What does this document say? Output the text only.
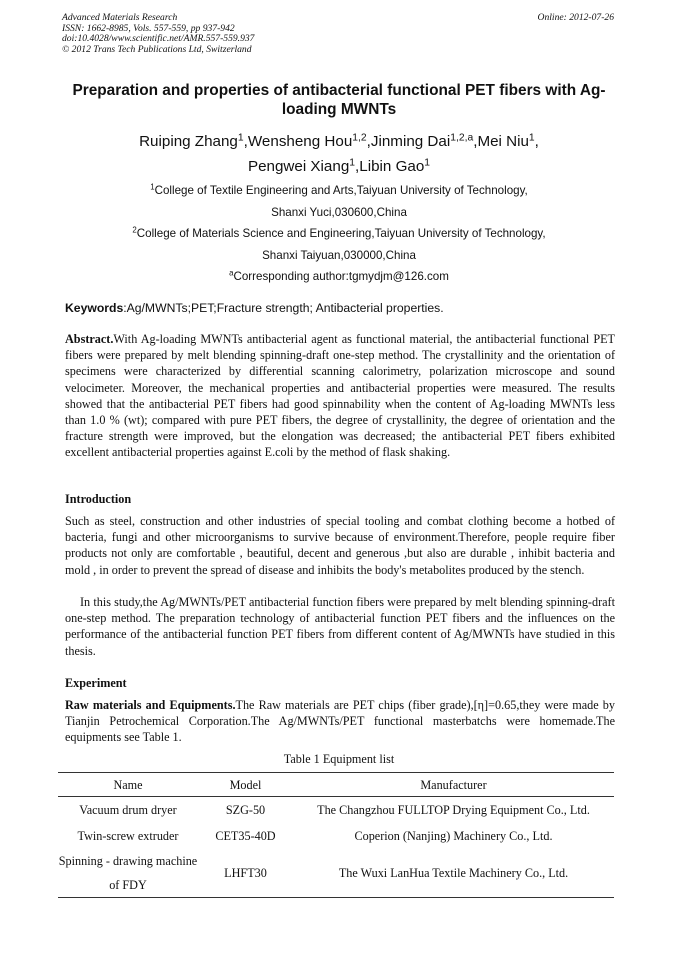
Advanced Materials Research
ISSN: 1662-8985, Vols. 557-559, pp 937-942
doi:10.4028/www.scientific.net/AMR.557-559.937
© 2012 Trans Tech Publications Ltd, Switzerland
Online: 2012-07-26
Preparation and properties of antibacterial functional PET fibers with Ag-loading MWNTs
Ruiping Zhang$^1$,Wensheng Hou$^{1,2}$,Jinming Dai$^{1,2,a}$,Mei Niu$^1$,
Pengwei Xiang$^1$,Libin Gao$^1$
$^1$College of Textile Engineering and Arts,Taiyuan University of Technology,
Shanxi Yuci,030600,China
$^2$College of Materials Science and Engineering,Taiyuan University of Technology,
Shanxi Taiyuan,030000,China
$^a$Corresponding author:tgmydjm@126.com
Keywords:Ag/MWNTs;PET;Fracture strength; Antibacterial properties.

Abstract.With Ag-loading MWNTs antibacterial agent as functional material, the antibacterial functional PET fibers were prepared by melt blending spinning-draft one-step method. The crystallinity and the orientation of specimens were characterized by differential scanning calorimetry, polarization microscope and sound velocimeter. Moreover, the mechanical properties and antibacterial properties were measured. The results showed that the antibacterial PET fibers had good spinnability when the content of Ag-loading MWNTs less than 1.0 % (wt); compared with pure PET fibers, the degree of crystallinity, the degree of orientation and the fracture strength were improved, but the elongation was decreased; the antibacterial PET fibers exhibited excellent antibacterial properties against E.coli by the method of flask shaking.

Introduction

Such as steel, construction and other industries of special tooling and combat clothing become a hotbed of bacteria, fungi and other microorganisms to survive because of environment.Therefore, people require fiber products not only are comfortable , beautiful, decent and generous ,but also are durable , inhibit bacteria and mold , in order to prevent the spread of disease and inhibits the body's metabolites produced by the stench.

In this study,the Ag/MWNTs/PET antibacterial function fibers were prepared by melt blending spinning-draft one-step method. The preparation technology of antibacterial function PET fibers and the influences on the performance of the antibacterial function PET fibers from different content of Ag/MWNTs have studied in this thesis.

Experiment

Raw materials and Equipments.The Raw materials are PET chips (fiber grade),[η]=0.65,they were made by Tianjin Petrochemical Corporation.The Ag/MWNTs/PET functional masterbatchs were homemade.The equipments see Table 1.

Table 1 Equipment list
Name	Model	Manufacturer
Vacuum drum dryer	SZG-50	The Changzhou FULLTOP Drying Equipment Co., Ltd.
Twin-screw extruder	CET35-40D	Coperion (Nanjing) Machinery Co., Ltd.
Spinning - drawing machine of FDY	LHFT30	The Wuxi LanHua Textile Machinery Co., Ltd.
